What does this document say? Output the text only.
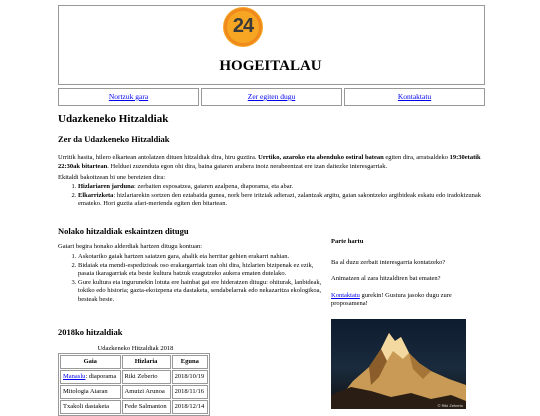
24
HOGEITALAU
Nortzuk gara	Zer egiten dugu	Kontaktatu
Udazkeneko Hitzaldiak
Zer da Udazkeneko Hitzaldiak

Urritik hasita, hilero elkartean antolatzen dituen hitzaldiak dira, hiru guztira. Urrtiko, azaroko eta abenduko ostiral batean egiten dira, arratsaldeko 19:30etatik 22:30ak bitartean. Helduei zuzenduta egon ohi dira, baina gaiaren arabera inoiz nerabeentzat ere izan daitezke interesgarriak.

Ekitaldi bakoitzean bi une bereizten dira:

1. Hizlariaren jarduna: zerbaiten esposatzea, gaiaren azalpena, diaporama, eta abar.
2. Elkarrizketa: hizlariarekin sortzen den eztabaida gunea, nork bere iritziak adierazi, zalantzak argitu, gaian sakontzeko argibideak eskatu edo iradokizunak emateko. Hori guztia afari-merienda egiten den bitartean.
Nolako hitzaldiak eskaintzen ditugu

Gaiari begira honako alderdiak hartzen ditugu kontuan:

1. Askotariko gaiak hartzen saiatzen gara, ahalik eta herritar gehien erakarri nahian.
2. Bidaiak eta mendi-espedizioak oso erakargarriak izan ohi dira, hizlarien bizipenak ez ezik, pasaia ikaragarriak eta beste kultura batzuk ezagutzeko aukera ematen dutelako.
3. Gure kultura eta ingurunekin lotuta ere hainbat gai ere hideratzen ditugu: ohiturak, lanbideak, tokiko edo historia; gazta-ekoizpena eta dastaketa, sendabelarrak edo nekazaritza ekologikoa, besteak beste.
Parte hartu

Ba al duzu zerbait interesgarria kontatzeko?

Animatzen al zara hitzaldiren bat ematen?

Kontaktatu gurekin! Gustura jasoko dugu zure proposamena!

2018ko hitzaldiak
Udazkeneko Hitzaldiak 2018
Gaia	Hizlaria	Eguna
Manaslu: diaporama	Riki Zeberio	2018/10/19
Mitologia Aiaran	Amutzi Arunoa	2018/11/16
Txakoli dastaketa	Fede Salmanton	2018/12/14	© Riki Zeberio
